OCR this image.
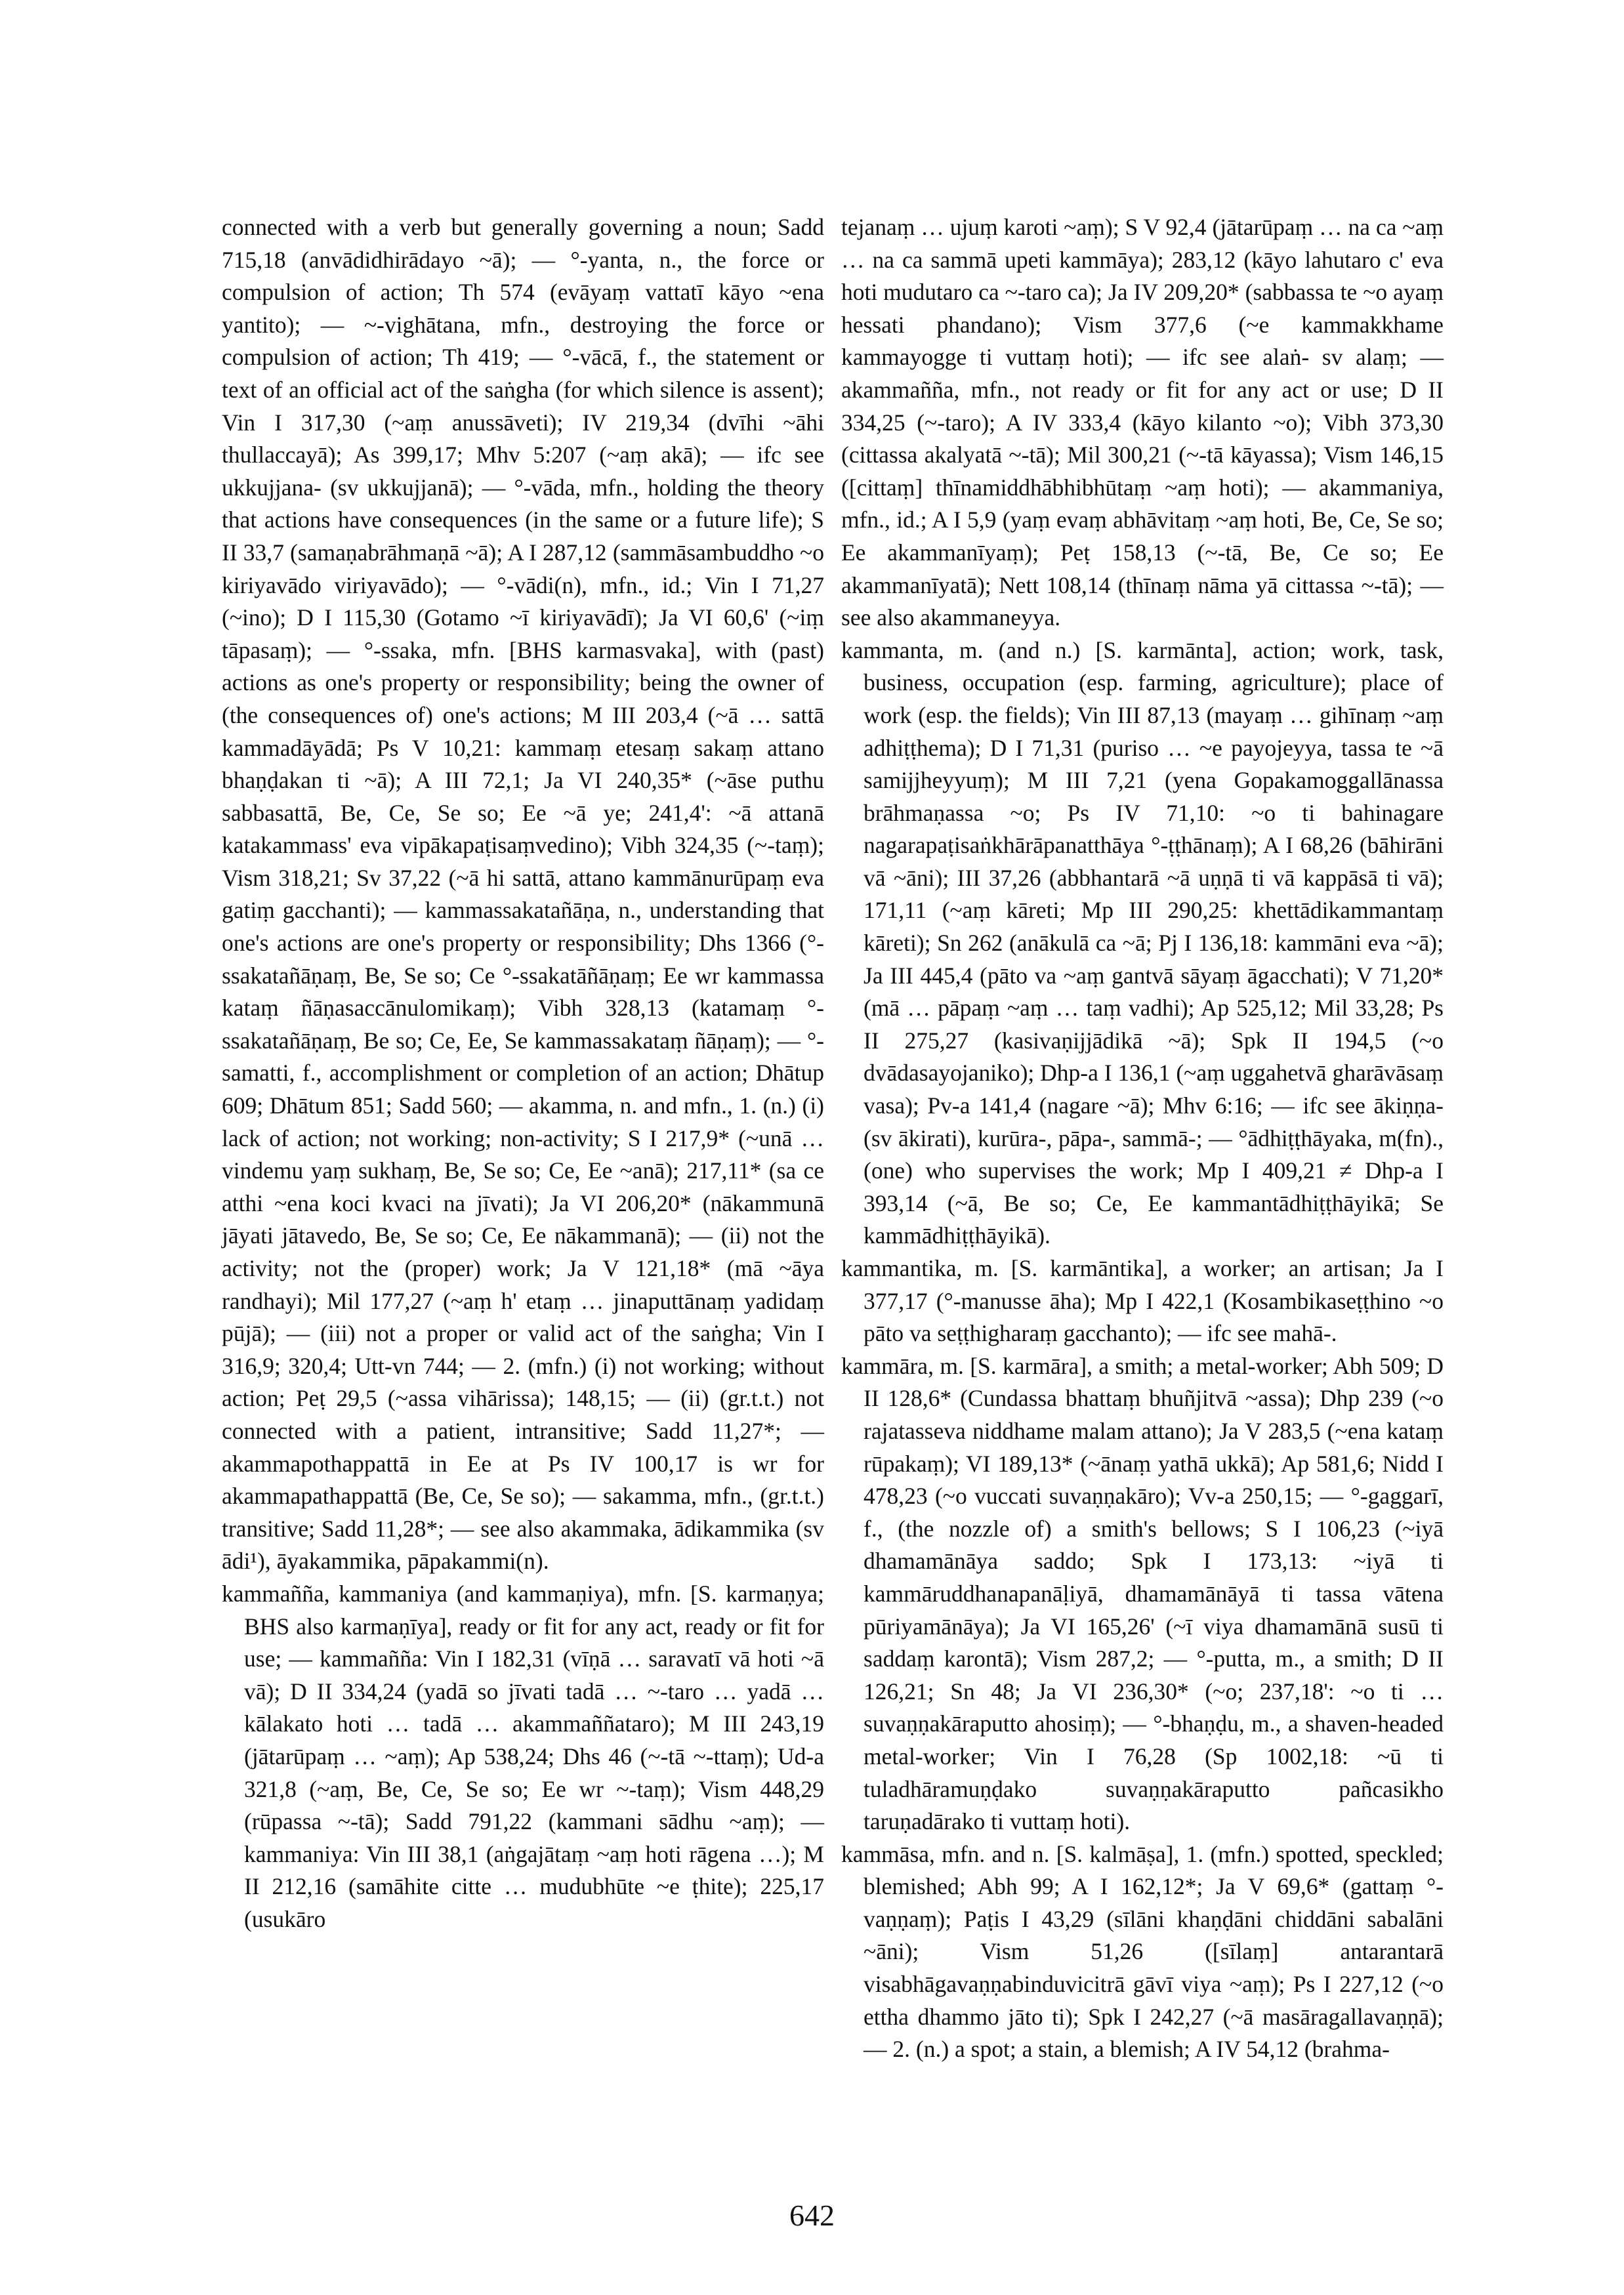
connected with a verb but generally governing a noun; Sadd 715,18 (anvādidhirādayo ~ā); — °-yanta, n., the force or compulsion of action; Th 574 (evāyaṃ vattatī kāyo ~ena yantito); — ~-vighātana, mfn., destroying the force or compulsion of action; Th 419; — °-vācā, f., the statement or text of an official act of the saṅgha (for which silence is assent); Vin I 317,30 (~aṃ anussāveti); IV 219,34 (dvīhi ~āhi thullaccayā); As 399,17; Mhv 5:207 (~aṃ akā); — ifc see ukkujjana- (sv ukkujjanā); — °-vāda, mfn., holding the theory that actions have consequences (in the same or a future life); S II 33,7 (samaṇabrāhmaṇā ~ā); A I 287,12 (sammāsambuddho ~o kiriyavādo viriyavādo); — °-vādi(n), mfn., id.; Vin I 71,27 (~ino); D I 115,30 (Gotamo ~ī kiriyavādī); Ja VI 60,6' (~iṃ tāpasaṃ); — °-ssaka, mfn. [BHS karmasvaka], with (past) actions as one's property or responsibility; being the owner of (the consequences of) one's actions; M III 203,4 (~ā … sattā kammadāyādā; Ps V 10,21: kammaṃ etesaṃ sakaṃ attano bhaṇḍakan ti ~ā); A III 72,1; Ja VI 240,35* (~āse puthu sabbasattā, Be, Ce, Se so; Ee ~ā ye; 241,4': ~ā attanā katakammass' eva vipākapaṭisaṃvedino); Vibh 324,35 (~-taṃ); Vism 318,21; Sv 37,22 (~ā hi sattā, attano kammānurūpaṃ eva gatiṃ gacchanti); — kammassakatañāṇa, n., understanding that one's actions are one's property or responsibility; Dhs 1366 (°-ssakatañāṇaṃ, Be, Se so; Ce °-ssakatāñāṇaṃ; Ee wr kammassa kataṃ ñāṇasaccānulomikaṃ); Vibh 328,13 (katamaṃ °-ssakatañāṇaṃ, Be so; Ce, Ee, Se kammassakataṃ ñāṇaṃ); — °-samatti, f., accomplishment or completion of an action; Dhātup 609; Dhātum 851; Sadd 560; — akamma, n. and mfn., 1. (n.) (i) lack of action; not working; non-activity; S I 217,9* (~unā … vindemu yaṃ sukhaṃ, Be, Se so; Ce, Ee ~anā); 217,11* (sa ce atthi ~ena koci kvaci na jīvati); Ja VI 206,20* (nākammunā jāyati jātavedo, Be, Se so; Ce, Ee nākammanā); — (ii) not the activity; not the (proper) work; Ja V 121,18* (mā ~āya randhayi); Mil 177,27 (~aṃ h' etaṃ … jinaputtānaṃ yadidaṃ pūjā); — (iii) not a proper or valid act of the saṅgha; Vin I 316,9; 320,4; Utt-vn 744; — 2. (mfn.) (i) not working; without action; Peṭ 29,5 (~assa vihārissa); 148,15; — (ii) (gr.t.t.) not connected with a patient, intransitive; Sadd 11,27*; — akammapothappattā in Ee at Ps IV 100,17 is wr for akammapathappattā (Be, Ce, Se so); — sakamma, mfn., (gr.t.t.) transitive; Sadd 11,28*; — see also akammaka, ādikammika (sv ādi¹), āyakammika, pāpakammi(n).

kammañña, kammaniya (and kammaṇiya), mfn. [S. karmaṇya; BHS also karmaṇīya], ready or fit for any act, ready or fit for use; — kammañña: Vin I 182,31 (vīṇā … saravatī vā hoti ~ā vā); D II 334,24 (yadā so jīvati tadā … ~-taro … yadā … kālakato hoti … tadā … akammaññataro); M III 243,19 (jātarūpaṃ … ~aṃ); Ap 538,24; Dhs 46 (~-tā ~-ttaṃ); Ud-a 321,8 (~aṃ, Be, Ce, Se so; Ee wr ~-taṃ); Vism 448,29 (rūpassa ~-tā); Sadd 791,22 (kammani sādhu ~aṃ); — kammaniya: Vin III 38,1 (aṅgajātaṃ ~aṃ hoti rāgena …); M II 212,16 (samāhite citte … mudubhūte ~e ṭhite); 225,17 (usukāro

tejanaṃ … ujuṃ karoti ~aṃ); S V 92,4 (jātarūpaṃ … na ca ~aṃ … na ca sammā upeti kammāya); 283,12 (kāyo lahutaro c' eva hoti mudutaro ca ~-taro ca); Ja IV 209,20* (sabbassa te ~o ayaṃ hessati phandano); Vism 377,6 (~e kammakkhame kammayogge ti vuttaṃ hoti); — ifc see alaṅ- sv alaṃ; — akammañña, mfn., not ready or fit for any act or use; D II 334,25 (~-taro); A IV 333,4 (kāyo kilanto ~o); Vibh 373,30 (cittassa akalyatā ~-tā); Mil 300,21 (~-tā kāyassa); Vism 146,15 ([cittaṃ] thīnamiddhābhibhūtaṃ ~aṃ hoti); — akammaniya, mfn., id.; A I 5,9 (yaṃ evaṃ abhāvitaṃ ~aṃ hoti, Be, Ce, Se so; Ee akammanīyaṃ); Peṭ 158,13 (~-tā, Be, Ce so; Ee akammanīyatā); Nett 108,14 (thīnaṃ nāma yā cittassa ~-tā); — see also akammaneyya.

kammanta, m. (and n.) [S. karmānta], action; work, task, business, occupation (esp. farming, agriculture); place of work (esp. the fields); Vin III 87,13 (mayaṃ … gihīnaṃ ~aṃ adhiṭṭhema); D I 71,31 (puriso … ~e payojeyya, tassa te ~ā samijjheyyuṃ); M III 7,21 (yena Gopakamoggallānassa brāhmaṇassa ~o; Ps IV 71,10: ~o ti bahinagare nagarapaṭisaṅkhārāpanatthāya °-ṭṭhānaṃ); A I 68,26 (bāhirāni vā ~āni); III 37,26 (abbhantarā ~ā uṇṇā ti vā kappāsā ti vā); 171,11 (~aṃ kāreti; Mp III 290,25: khettādikammantaṃ kāreti); Sn 262 (anākulā ca ~ā; Pj I 136,18: kammāni eva ~ā); Ja III 445,4 (pāto va ~aṃ gantvā sāyaṃ āgacchati); V 71,20* (mā … pāpaṃ ~aṃ … taṃ vadhi); Ap 525,12; Mil 33,28; Ps II 275,27 (kasivaṇijjādikā ~ā); Spk II 194,5 (~o dvādasayojaniko); Dhp-a I 136,1 (~aṃ uggahetvā gharāvāsaṃ vasa); Pv-a 141,4 (nagare ~ā); Mhv 6:16; — ifc see ākiṇṇa- (sv ākirati), kurūra-, pāpa-, sammā-; — °ādhiṭṭhāyaka, m(fn)., (one) who supervises the work; Mp I 409,21 ≠ Dhp-a I 393,14 (~ā, Be so; Ce, Ee kammantādhiṭṭhāyikā; Se kammādhiṭṭhāyikā).

kammantika, m. [S. karmāntika], a worker; an artisan; Ja I 377,17 (°-manusse āha); Mp I 422,1 (Kosambikaseṭṭhino ~o pāto va seṭṭhigharaṃ gacchanto); — ifc see mahā-.

kammāra, m. [S. karmāra], a smith; a metal-worker; Abh 509; D II 128,6* (Cundassa bhattaṃ bhuñjitvā ~assa); Dhp 239 (~o rajatasseva niddhame malam attano); Ja V 283,5 (~ena kataṃ rūpakaṃ); VI 189,13* (~ānaṃ yathā ukkā); Ap 581,6; Nidd I 478,23 (~o vuccati suvaṇṇakāro); Vv-a 250,15; — °-gaggarī, f., (the nozzle of) a smith's bellows; S I 106,23 (~iyā dhamamānāya saddo; Spk I 173,13: ~iyā ti kammāruddhanapanāḷiyā, dhamamānāyā ti tassa vātena pūriyamānāya); Ja VI 165,26' (~ī viya dhamamānā susū ti saddaṃ karontā); Vism 287,2; — °-putta, m., a smith; D II 126,21; Sn 48; Ja VI 236,30* (~o; 237,18': ~o ti … suvaṇṇakāraputto ahosiṃ); — °-bhaṇḍu, m., a shaven-headed metal-worker; Vin I 76,28 (Sp 1002,18: ~ū ti tuladhāramuṇḍako suvaṇṇakāraputto pañcasikho taruṇadārako ti vuttaṃ hoti).

kammāsa, mfn. and n. [S. kalmāṣa], 1. (mfn.) spotted, speckled; blemished; Abh 99; A I 162,12*; Ja V 69,6* (gattaṃ °-vaṇṇaṃ); Paṭis I 43,29 (sīlāni khaṇḍāni chiddāni sabalāni ~āni); Vism 51,26 ([sīlaṃ] antarantarā visabhāgavaṇṇabinduvicitrā gāvī viya ~aṃ); Ps I 227,12 (~o ettha dhammo jāto ti); Spk I 242,27 (~ā masāragallavaṇṇā); — 2. (n.) a spot; a stain, a blemish; A IV 54,12 (brahma-

642
